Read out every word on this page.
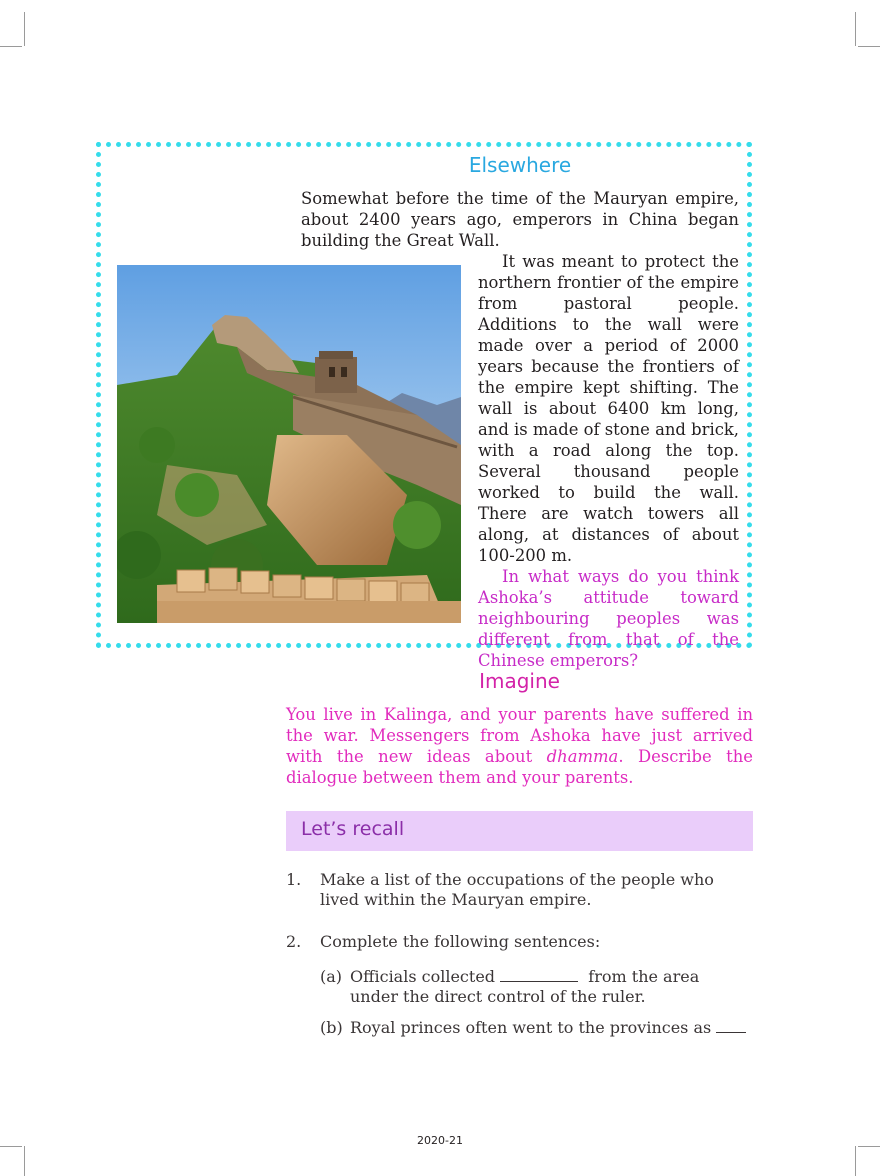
Elsewhere
Somewhat before the time of the Mauryan empire, about 2400 years ago, emperors in China began building the Great Wall.

It was meant to protect the northern frontier of the empire from pastoral people. Additions to the wall were made over a period of 2000 years because the frontiers of the empire kept shifting. The wall is about 6400 km long, and is made of stone and brick, with a road along the top. Several thousand people worked to build the wall. There are watch towers all along, at distances of about 100-200 m.

In what ways do you think Ashoka’s attitude toward neighbouring peoples was different from that of the Chinese emperors?

Imagine
You live in Kalinga, and your parents have suffered in the war. Messengers from Ashoka have just arrived with the new ideas about dhamma. Describe the dialogue between them and your parents.
Let’s recall
1. Make a list of the occupations of the people who lived within the Mauryan empire.
2. Complete the following sentences:
(a) Officials collected	from the area under the direct control of the ruler.
(b) Royal princes often went to the provinces as
2020-21
